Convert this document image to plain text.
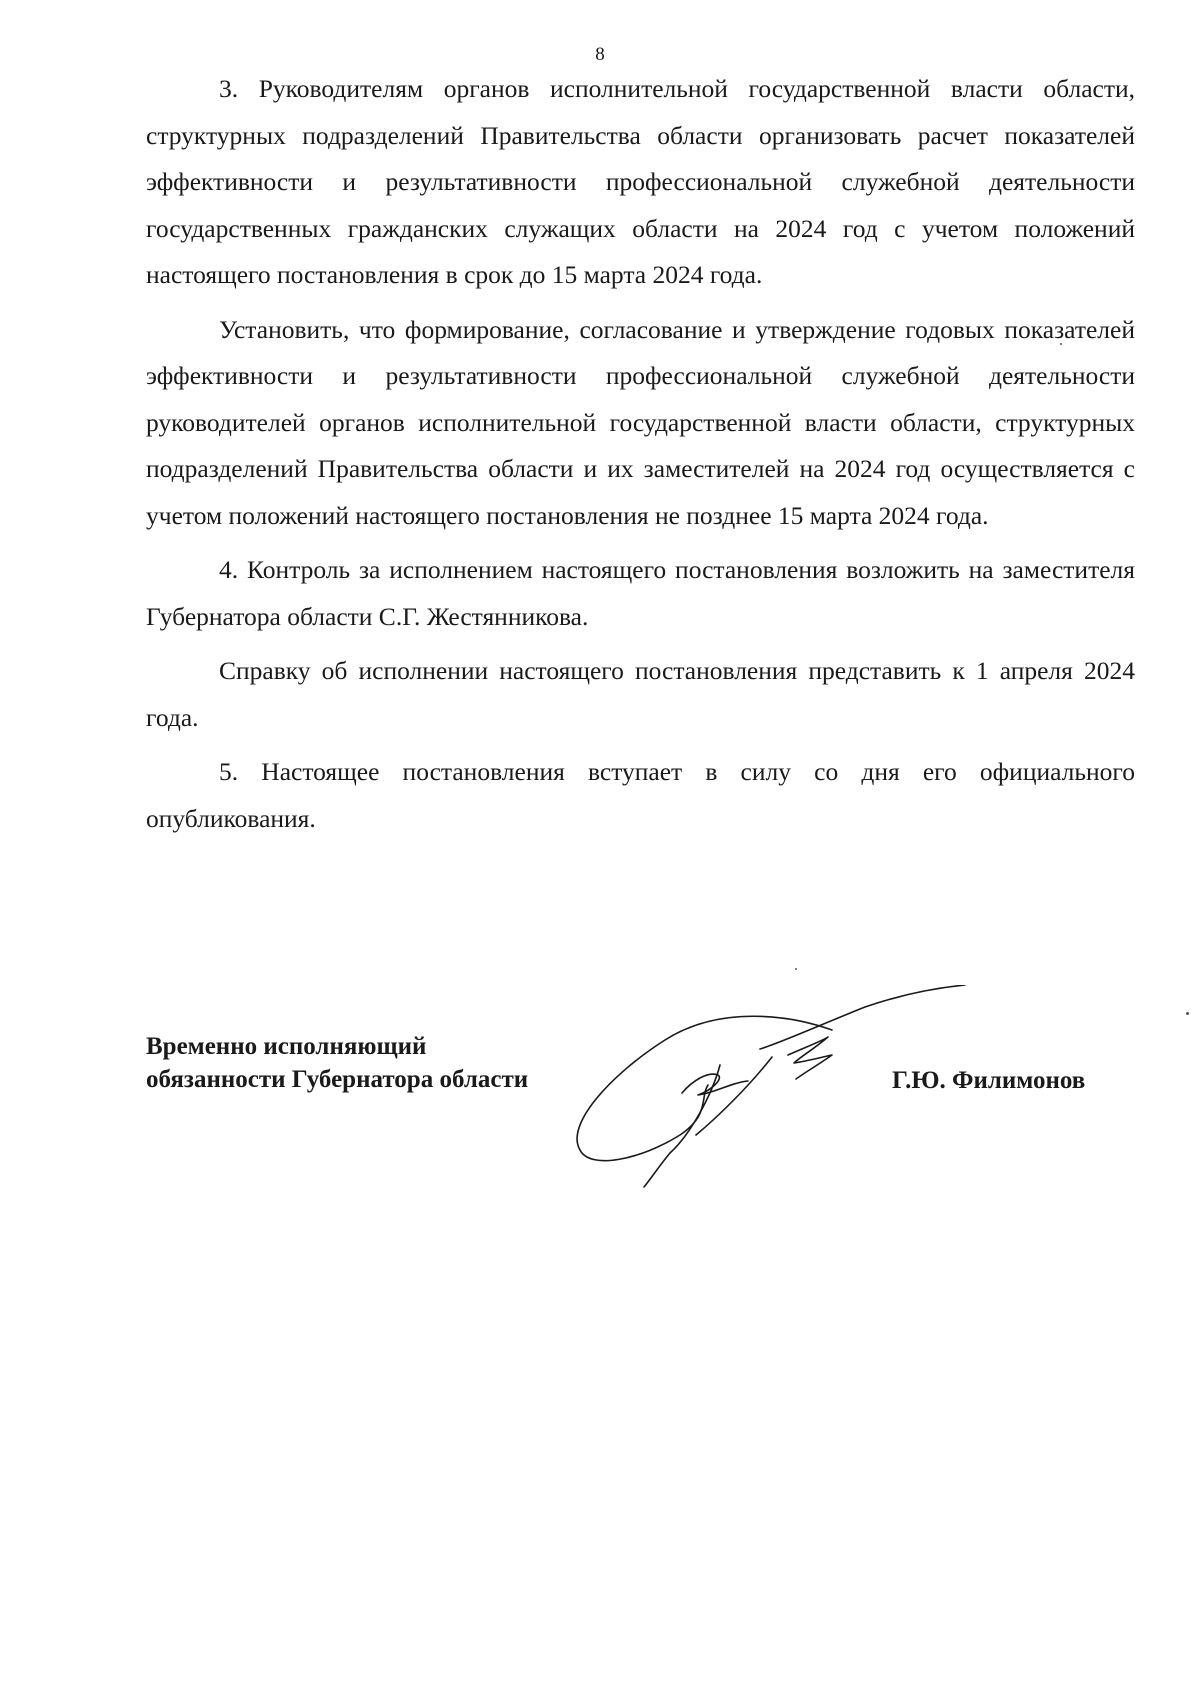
8

3. Руководителям органов исполнительной государственной власти области, структурных подразделений Правительства области организовать расчет показателей эффективности и результативности профессиональной служебной деятельности государственных гражданских служащих области на 2024 год с учетом положений настоящего постановления в срок до 15 марта 2024 года.

Установить, что формирование, согласование и утверждение годовых показателей эффективности и результативности профессиональной служебной деятельности руководителей органов исполнительной государственной власти области, структурных подразделений Правительства области и их заместителей на 2024 год осуществляется с учетом положений настоящего постановления не позднее 15 марта 2024 года.

4. Контроль за исполнением настоящего постановления возложить на заместителя Губернатора области С.Г. Жестянникова.

Справку об исполнении настоящего постановления представить к 1 апреля 2024 года.

5. Настоящее постановления вступает в силу со дня его официального опубликования.

Временно исполняющий
обязанности Губернатора области	Г.Ю. Филимонов
